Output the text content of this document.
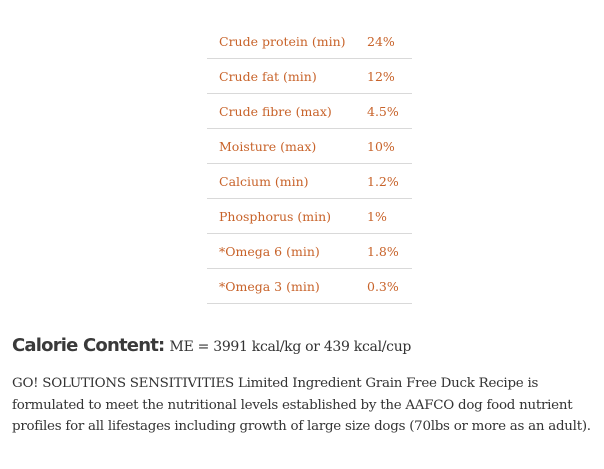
Crude protein (min)	24%
Crude fat (min)	12%
Crude fibre (max)	4.5%
Moisture (max)	10%
Calcium (min)	1.2%
Phosphorus (min)	1%
*Omega 6 (min)	1.8%
*Omega 3 (min)	0.3%
Calorie Content: ME = 3991 kcal/kg or 439 kcal/cup

GO! SOLUTIONS SENSITIVITIES Limited Ingredient Grain Free Duck Recipe is formulated to meet the nutritional levels established by the AAFCO dog food nutrient profiles for all lifestages including growth of large size dogs (70lbs or more as an adult).
